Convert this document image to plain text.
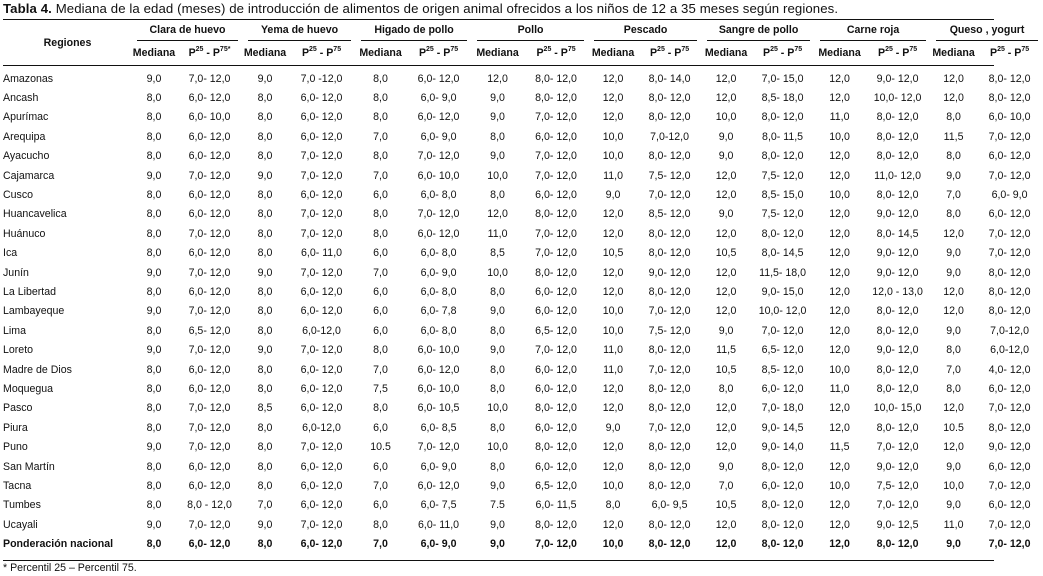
Tabla 4. Mediana de la edad (meses) de introducción de alimentos de origen animal ofrecidos a los niños de 12 a 35 meses según regiones.
Regiones	Clara de huevo		Yema de huevo		Higado de pollo		Pollo		Pescado		Sangre de pollo		Carne roja		Queso , yogurt	
	Mediana	$P^{25} - P^{75*}$	Mediana	$P^{25} - P^{75}$	Mediana	$P^{25} - P^{75}$	Mediana	$P^{25} - P^{75}$	Mediana	$P^{25} - P^{75}$	Mediana	$P^{25} - P^{75}$	Mediana	$P^{25} - P^{75}$	Mediana	$P^{25} - P^{75}$

Amazonas	9,0	7,0- 12,0	9,0	7,0 -12,0	8,0	6,0- 12,0	12,0	8,0- 12,0	12,0	8,0- 14,0	12,0	7,0- 15,0	12,0	9,0- 12,0	12,0	8,0- 12,0
Ancash	8,0	6,0- 12,0	8,0	6,0- 12,0	8,0	6,0- 9,0	9,0	8,0- 12,0	12,0	8,0- 12,0	12,0	8,5- 18,0	12,0	10,0- 12,0	12,0	8,0- 12,0
Apurímac	8,0	6,0- 10,0	8,0	6,0- 12,0	8,0	6,0- 12,0	9,0	7,0- 12,0	12,0	8,0- 12,0	10,0	8,0- 12,0	11,0	8,0- 12,0	8,0	6,0- 10,0
Arequipa	8,0	6,0- 12,0	8,0	6,0- 12,0	7,0	6,0- 9,0	8,0	6,0- 12,0	10,0	7,0-12,0	9,0	8,0- 11,5	10,0	8,0- 12,0	11,5	7,0- 12,0
Ayacucho	8,0	6,0- 12,0	8,0	7,0- 12,0	8,0	7,0- 12,0	9,0	7,0- 12,0	10,0	8,0- 12,0	9,0	8,0- 12,0	12,0	8,0- 12,0	8,0	6,0- 12,0
Cajamarca	9,0	7,0- 12,0	9,0	7,0- 12,0	7,0	6,0- 10,0	10,0	7,0- 12,0	11,0	7,5- 12,0	12,0	7,5- 12,0	12,0	11,0- 12,0	9,0	7,0- 12,0
Cusco	8,0	6,0- 12,0	8,0	6,0- 12,0	6,0	6,0- 8,0	8,0	6,0- 12,0	9,0	7,0- 12,0	12,0	8,5- 15,0	10,0	8,0- 12,0	7,0	6,0- 9,0
Huancavelica	8,0	6,0- 12,0	8,0	7,0- 12,0	8,0	7,0- 12,0	12,0	8,0- 12,0	12,0	8,5- 12,0	9,0	7,5- 12,0	12,0	9,0- 12,0	8,0	6,0- 12,0
Huánuco	8,0	7,0- 12,0	8,0	7,0- 12,0	8,0	6,0- 12,0	11,0	7,0- 12,0	12,0	8,0- 12,0	12,0	8,0- 12,0	12,0	8,0- 14,5	12,0	7,0- 12,0
Ica	8,0	6,0- 12,0	8,0	6,0- 11,0	6,0	6,0- 8,0	8,5	7,0- 12,0	10,5	8,0- 12,0	10,5	8,0- 14,5	12,0	9,0- 12,0	9,0	7,0- 12,0
Junín	9,0	7,0- 12,0	9,0	7,0- 12,0	7,0	6,0- 9,0	10,0	8,0- 12,0	12,0	9,0- 12,0	12,0	11,5- 18,0	12,0	9,0- 12,0	9,0	8,0- 12,0
La Libertad	8,0	6,0- 12,0	8,0	6,0- 12,0	6,0	6,0- 8,0	8,0	6,0- 12,0	12,0	8,0- 12,0	12,0	9,0- 15,0	12,0	12,0 - 13,0	12,0	8,0- 12,0
Lambayeque	9,0	7,0- 12,0	8,0	6,0- 12,0	6,0	6,0- 7,8	9,0	6,0- 12,0	10,0	7,0- 12,0	12,0	10,0- 12,0	12,0	8,0- 12,0	12,0	8,0- 12,0
Lima	8,0	6,5- 12,0	8,0	6,0-12,0	6,0	6,0- 8,0	8,0	6,5- 12,0	10,0	7,5- 12,0	9,0	7,0- 12,0	12,0	8,0- 12,0	9,0	7,0-12,0
Loreto	9,0	7,0- 12,0	9,0	7,0- 12,0	8,0	6,0- 10,0	9,0	7,0- 12,0	11,0	8,0- 12,0	11,5	6,5- 12,0	12,0	9,0- 12,0	8,0	6,0-12,0
Madre de Dios	8,0	6,0- 12,0	8,0	6,0- 12,0	7,0	6,0- 12,0	8,0	6,0- 12,0	11,0	7,0- 12,0	10,5	8,5- 12,0	10,0	8,0- 12,0	7,0	4,0- 12,0
Moquegua	8,0	6,0- 12,0	8,0	6,0- 12,0	7,5	6,0- 10,0	8,0	6,0- 12,0	12,0	8,0- 12,0	8,0	6,0- 12,0	11,0	8,0- 12,0	8,0	6,0- 12,0
Pasco	8,0	7,0- 12,0	8,5	6,0- 12,0	8,0	6,0- 10,5	10,0	8,0- 12,0	12,0	8,0- 12,0	12,0	7,0- 18,0	12,0	10,0- 15,0	12,0	7,0- 12,0
Piura	8,0	7,0- 12,0	8,0	6,0-12,0	6,0	6,0- 8,5	8,0	6,0- 12,0	9,0	7,0- 12,0	12,0	9,0- 14,5	12,0	8,0- 12,0	10.5	8,0- 12,0
Puno	9,0	7,0- 12,0	8,0	7,0- 12,0	10.5	7,0- 12,0	10,0	8,0- 12,0	12,0	8,0- 12,0	12,0	9,0- 14,0	11,5	7,0- 12,0	12,0	9,0- 12,0
San Martín	8,0	6,0- 12,0	8,0	6,0- 12,0	6,0	6,0- 9,0	8,0	6,0- 12,0	12,0	8,0- 12,0	9,0	8,0- 12,0	12,0	9,0- 12,0	9,0	6,0- 12,0
Tacna	8,0	6,0- 12,0	8,0	6,0- 12,0	7,0	6,0- 12,0	9,0	6,5- 12,0	10,0	8,0- 12,0	7,0	6,0- 12,0	10,0	7,5- 12,0	10,0	7,0- 12,0
Tumbes	8,0	8,0 - 12,0	7,0	6,0- 12,0	6,0	6,0- 7,5	7.5	6,0- 11,5	8,0	6,0- 9,5	10,5	8,0- 12,0	12,0	7,0- 12,0	9,0	6,0- 12,0
Ucayali	9,0	7,0- 12,0	9,0	7,0- 12,0	8,0	6,0- 11,0	9,0	8,0- 12,0	12,0	8,0- 12,0	12,0	8,0- 12,0	12,0	9,0- 12,5	11,0	7,0- 12,0
Ponderación nacional	8,0	6,0- 12,0	8,0	6,0- 12,0	7,0	6,0- 9,0	9,0	7,0- 12,0	10,0	8,0- 12,0	12,0	8,0- 12,0	12,0	8,0- 12,0	9,0	7,0- 12,0
* Percentil 25 – Percentil 75.
